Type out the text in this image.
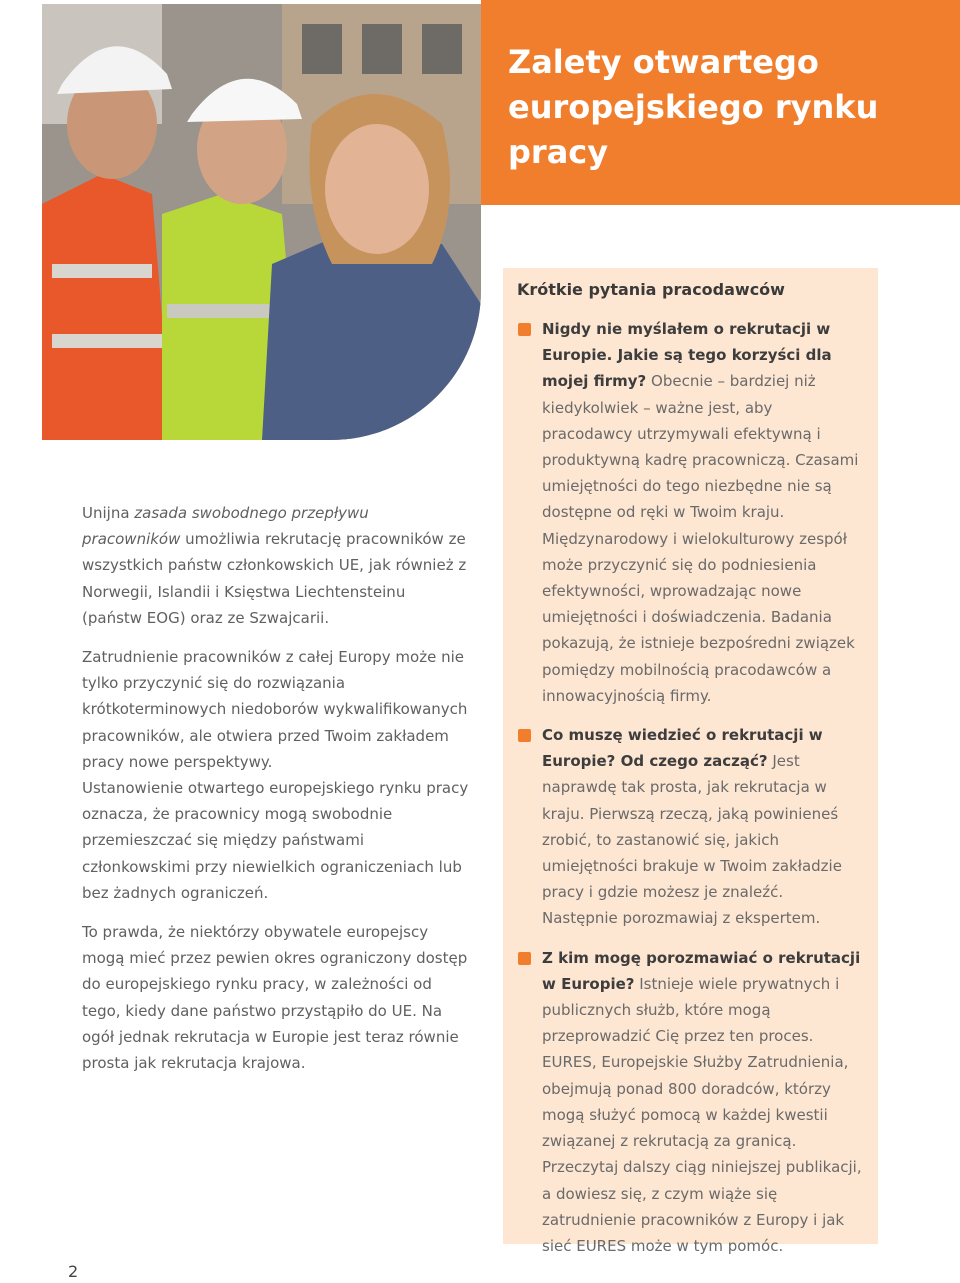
Zalety otwartego europejskiego rynku pracy

Unijna zasada swobodnego przepływu pracowników umożliwia rekrutację pracowników ze wszystkich państw członkowskich UE, jak również z Norwegii, Islandii i Księstwa Liechtensteinu (państw EOG) oraz ze Szwajcarii.

Zatrudnienie pracowników z całej Europy może nie tylko przyczynić się do rozwiązania krótkoterminowych niedoborów wykwalifikowanych pracowników, ale otwiera przed Twoim zakładem pracy nowe perspektywy.

Ustanowienie otwartego europejskiego rynku pracy oznacza, że pracownicy mogą swobodnie przemieszczać się między państwami członkowskimi przy niewielkich ograniczeniach lub bez żadnych ograniczeń.

To prawda, że niektórzy obywatele europejscy mogą mieć przez pewien okres ograniczony dostęp do europejskiego rynku pracy, w zależności od tego, kiedy dane państwo przystąpiło do UE. Na ogół jednak rekrutacja w Europie jest teraz równie prosta jak rekrutacja krajowa.

Krótkie pytania pracodawców
Nigdy nie myślałem o rekrutacji w Europie. Jakie są tego korzyści dla mojej firmy? Obecnie – bardziej niż kiedykolwiek – ważne jest, aby pracodawcy utrzymywali efektywną i produktywną kadrę pracowniczą. Czasami umiejętności do tego niezbędne nie są dostępne od ręki w Twoim kraju. Międzynarodowy i wielokulturowy zespół może przyczynić się do podniesienia efektywności, wprowadzając nowe umiejętności i doświadczenia. Badania pokazują, że istnieje bezpośredni związek pomiędzy mobilnością pracodawców a innowacyjnością firmy.
Co muszę wiedzieć o rekrutacji w Europie? Od czego zacząć? Jest naprawdę tak prosta, jak rekrutacja w kraju. Pierwszą rzeczą, jaką powinieneś zrobić, to zastanowić się, jakich umiejętności brakuje w Twoim zakładzie pracy i gdzie możesz je znaleźć. Następnie porozmawiaj z ekspertem.
Z kim mogę porozmawiać o rekrutacji w Europie? Istnieje wiele prywatnych i publicznych służb, które mogą przeprowadzić Cię przez ten proces. EURES, Europejskie Służby Zatrudnienia, obejmują ponad 800 doradców, którzy mogą służyć pomocą w każdej kwestii związanej z rekrutacją za granicą. Przeczytaj dalszy ciąg niniejszej publikacji, a dowiesz się, z czym wiąże się zatrudnienie pracowników z Europy i jak sieć EURES może w tym pomóc.
2
